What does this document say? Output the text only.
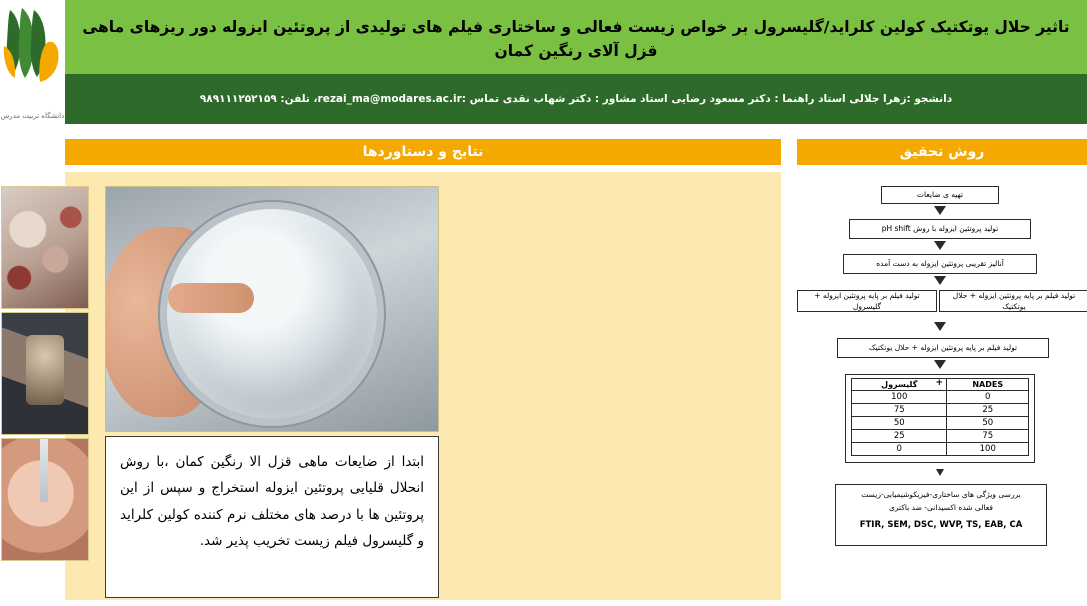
تاثیر حلال یوتکتیک کولین کلراید/گلیسرول بر خواص زیست فعالی و ساختاری فیلم های تولیدی از پروتئین ایزوله دور ریزهای ماهی قزل آلای رنگین کمان
دانشجو :زهرا جلالی استاد راهنما : دکتر مسعود رضایی استاد مشاور : دکتر شهاب نقدی تماس :rezai_ma@modares.ac.ir، تلفن: ۹۸۹۱۱۱۲۵۲۱۵۹
دانشگاه تربیت مدرس
نتایج و دستاوردها	روش تحقیق
ابتدا از ضایعات ماهی قزل الا رنگین کمان ،با روش انحلال قلیایی پروتئین ایزوله استخراج و سپس از این پروتئین ها با درصد های مختلف نرم کننده کولین کلراید و گلیسرول فیلم زیست تخریب پذیر شد.
تهیه ی ضایعات
تولید پروتئین ایزوله با روش pH shift
آنالیز تقریبی پروتئین ایزوله به دست آمده
تولید فیلم بر پایه پروتئین ایزوله + حلال یوتکتیک
تولید فیلم بر پایه پروتئین ایزوله + گلیسرول
تولید فیلم بر پایه پروتئین ایزوله + حلال یوتکتیک
گلیسرول	NADES
100	0
75	25
50	50
25	75
0	100
+
بررسی ویژگی های ساختاری-فیزیکوشیمیایی-زیست
فعالی شده اکسیدانی- ضد باکتری
FTIR, SEM, DSC, WVP, TS, EAB, CA
